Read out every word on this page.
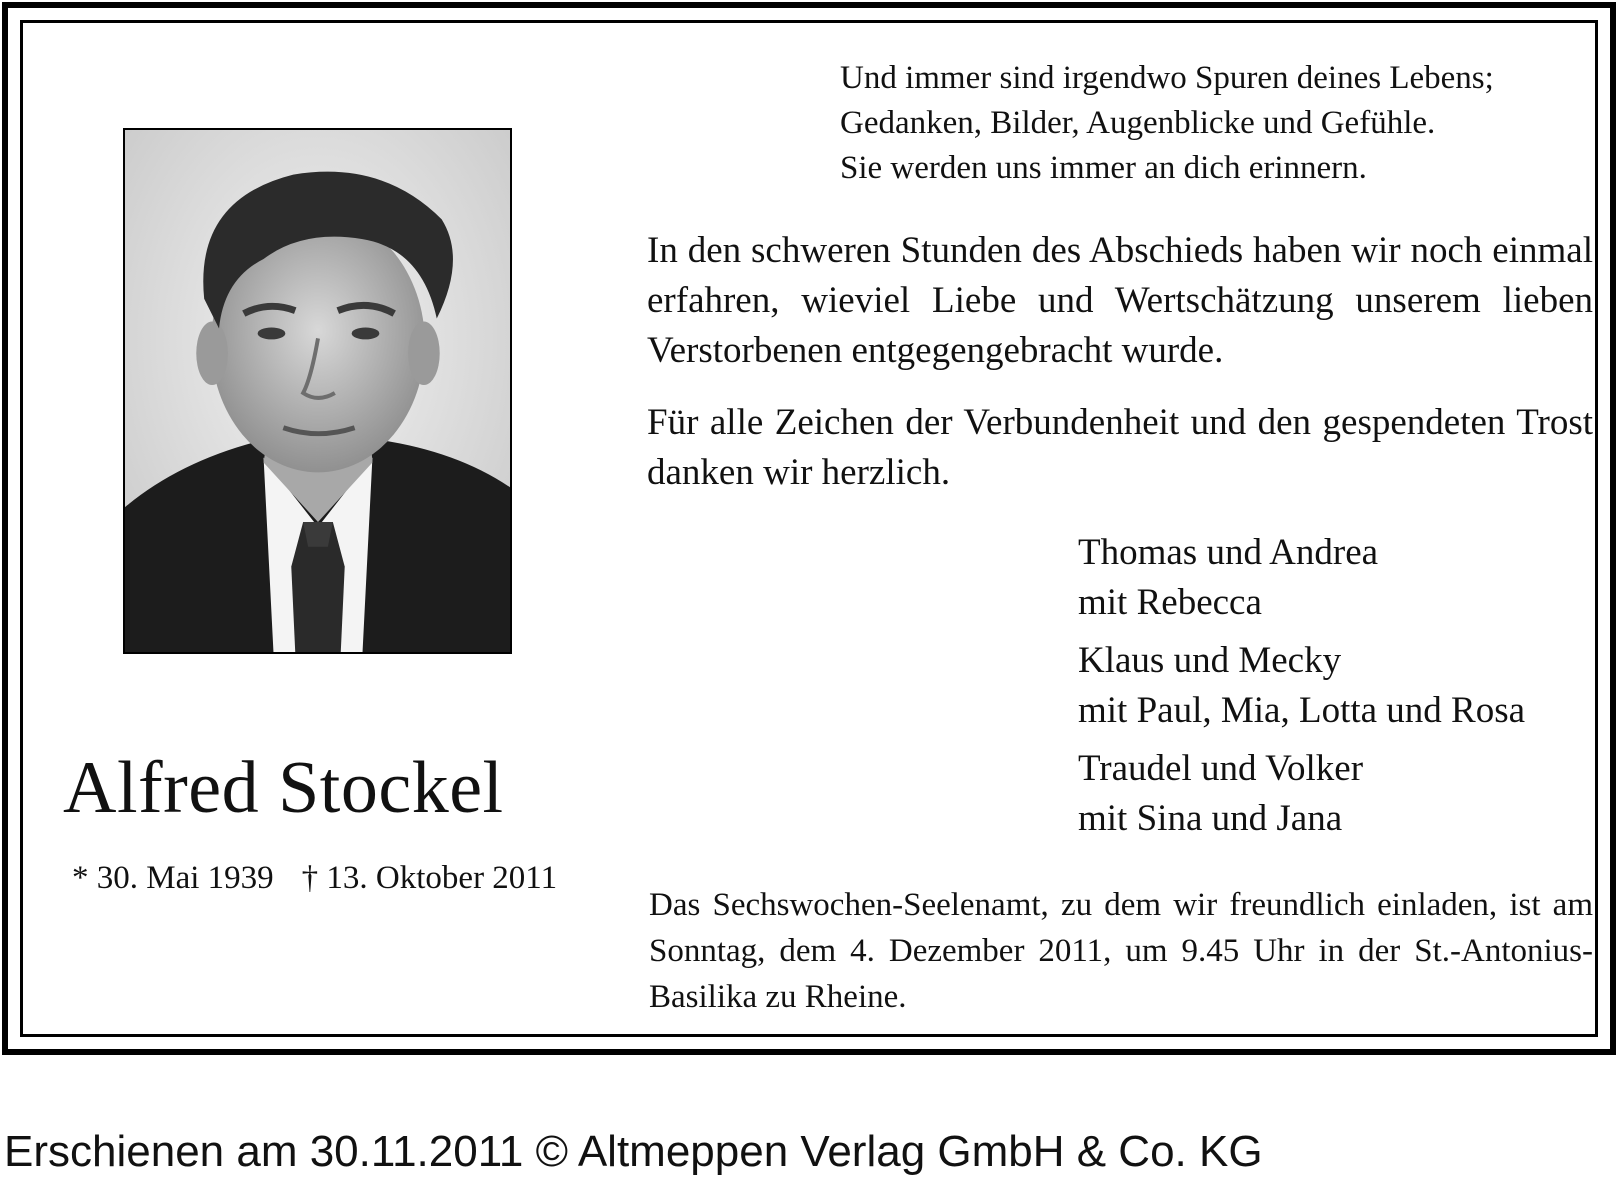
Alfred Stockel
* 30. Mai 1939 † 13. Oktober 2011
Und immer sind irgendwo Spuren deines Lebens;
Gedanken, Bilder, Augenblicke und Gefühle.
Sie werden uns immer an dich erinnern.
In den schweren Stunden des Abschieds haben wir noch einmal erfahren, wieviel Liebe und Wertschätzung unserem lieben Verstorbenen entgegengebracht wurde.
Für alle Zeichen der Verbundenheit und den gespendeten Trost danken wir herzlich.
Thomas und Andrea
mit Rebecca
Klaus und Mecky
mit Paul, Mia, Lotta und Rosa
Traudel und Volker
mit Sina und Jana
Das Sechswochen-Seelenamt, zu dem wir freundlich einladen, ist am Sonntag, dem 4. Dezember 2011, um 9.45 Uhr in der St.-Antonius-Basilika zu Rheine.
Erschienen am 30.11.2011 © Altmeppen Verlag GmbH & Co. KG
